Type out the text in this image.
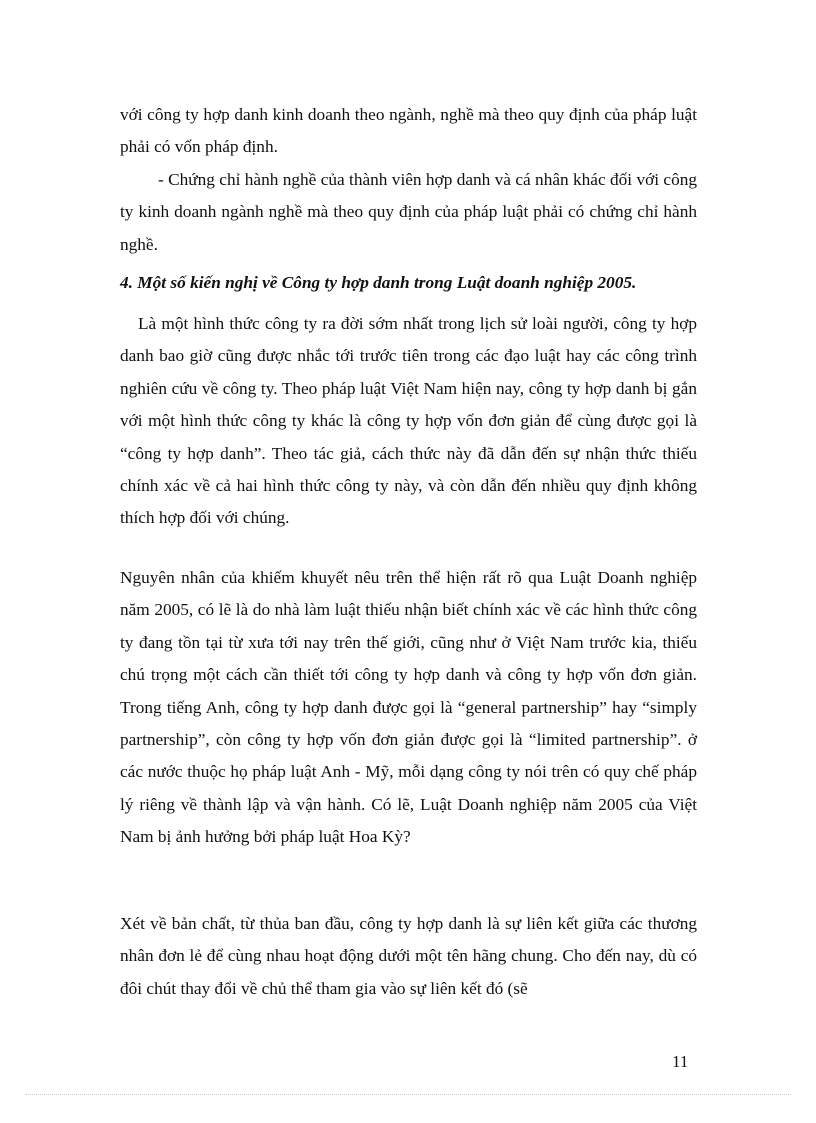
với công ty hợp danh kinh doanh theo ngành, nghề mà theo quy định của pháp luật phải có vốn pháp định.

- Chứng chỉ hành nghề của thành viên hợp danh và cá nhân khác đối với công ty kinh doanh ngành nghề mà theo quy định của pháp luật phải có chứng chỉ hành nghề.

4. Một số kiến nghị về Công ty hợp danh trong Luật doanh nghiệp 2005.

Là một hình thức công ty ra đời sớm nhất trong lịch sử loài người, công ty hợp danh bao giờ cũng được nhắc tới trước tiên trong các đạo luật hay các công trình nghiên cứu về công ty. Theo pháp luật Việt Nam hiện nay, công ty hợp danh bị gắn với một hình thức công ty khác là công ty hợp vốn đơn giản để cùng được gọi là “công ty hợp danh”. Theo tác giả, cách thức này đã dẫn đến sự nhận thức thiếu chính xác về cả hai hình thức công ty này, và còn dẫn đến nhiều quy định không thích hợp đối với chúng.

Nguyên nhân của khiếm khuyết nêu trên thể hiện rất rõ qua Luật Doanh nghiệp năm 2005, có lẽ là do nhà làm luật thiếu nhận biết chính xác về các hình thức công ty đang tồn tại từ xưa tới nay trên thế giới, cũng như ở Việt Nam trước kia, thiếu chú trọng một cách cần thiết tới công ty hợp danh và công ty hợp vốn đơn giản. Trong tiếng Anh, công ty hợp danh được gọi là “general partnership” hay “simply partnership”, còn công ty hợp vốn đơn giản được gọi là “limited partnership”. ở các nước thuộc họ pháp luật Anh - Mỹ, mỗi dạng công ty nói trên có quy chế pháp lý riêng về thành lập và vận hành. Có lẽ, Luật Doanh nghiệp năm 2005 của Việt Nam bị ảnh hưởng bởi pháp luật Hoa Kỳ?

Xét về bản chất, từ thủa ban đầu, công ty hợp danh là sự liên kết giữa các thương nhân đơn lẻ để cùng nhau hoạt động dưới một tên hãng chung. Cho đến nay, dù có đôi chút thay đổi về chủ thể tham gia vào sự liên kết đó (sẽ

11
